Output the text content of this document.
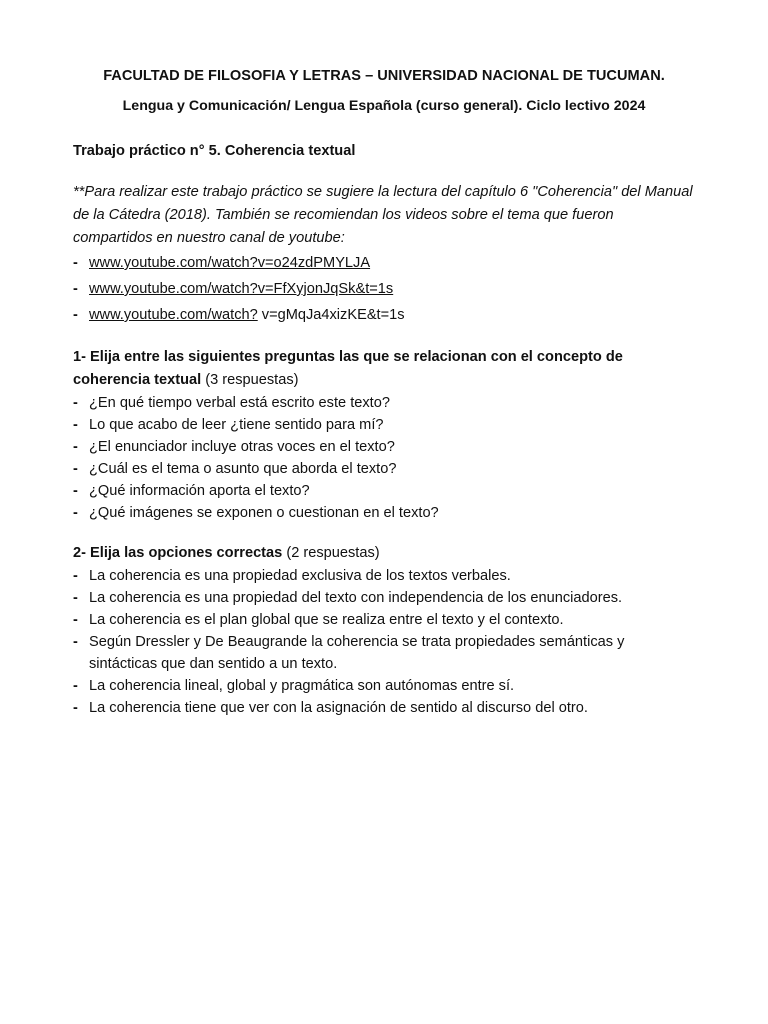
FACULTAD DE FILOSOFIA Y LETRAS – UNIVERSIDAD NACIONAL DE TUCUMAN.

Lengua y Comunicación/ Lengua Española (curso general). Ciclo lectivo 2024

Trabajo práctico n° 5. Coherencia textual
**Para realizar este trabajo práctico se sugiere la lectura del capítulo 6 "Coherencia" del Manual de la Cátedra (2018). También se recomiendan los videos sobre el tema que fueron compartidos en nuestro canal de youtube:
- www.youtube.com/watch?v=o24zdPMYLJA
- www.youtube.com/watch?v=FfXyjonJqSk&t=1s
- www.youtube.com/watch? v=gMqJa4xizKE&t=1s
1- Elija entre las siguientes preguntas las que se relacionan con el concepto de coherencia textual (3 respuestas)
- ¿En qué tiempo verbal está escrito este texto?
- Lo que acabo de leer ¿tiene sentido para mí?
- ¿El enunciador incluye otras voces en el texto?
- ¿Cuál es el tema o asunto que aborda el texto?
- ¿Qué información aporta el texto?
- ¿Qué imágenes se exponen o cuestionan en el texto?
2- Elija las opciones correctas (2 respuestas)
- La coherencia es una propiedad exclusiva de los textos verbales.
- La coherencia es una propiedad del texto con independencia de los enunciadores.
- La coherencia es el plan global que se realiza entre el texto y el contexto.
- Según Dressler y De Beaugrande la coherencia se trata propiedades semánticas y sintácticas que dan sentido a un texto.
- La coherencia lineal, global y pragmática son autónomas entre sí.
- La coherencia tiene que ver con la asignación de sentido al discurso del otro.
